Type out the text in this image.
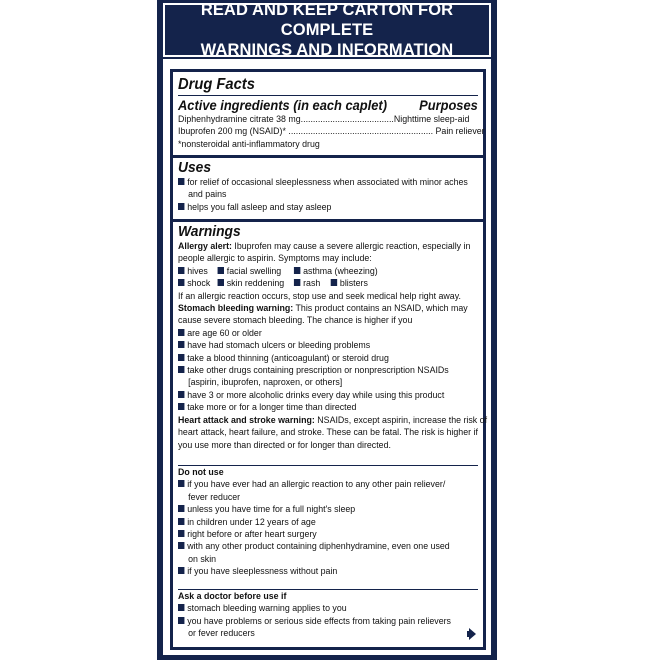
READ AND KEEP CARTON FOR COMPLETE
WARNINGS AND INFORMATION
Drug Facts
Active ingredients (in each caplet) Purposes
Diphenhydramine citrate 38 mg......................................Nighttime sleep-aid
Ibuprofen 200 mg (NSAID)* ........................................................... Pain reliever
*nonsteroidal anti-inflammatory drug
Uses
for relief of occasional sleeplessness when associated with minor aches
and pains
helps you fall asleep and stay asleep
Warnings
Allergy alert: Ibuprofen may cause a severe allergic reaction, especially in
people allergic to aspirin. Symptoms may include:
hives facial swelling asthma (wheezing)
shock skin reddening rash blisters
If an allergic reaction occurs, stop use and seek medical help right away.
Stomach bleeding warning: This product contains an NSAID, which may
cause severe stomach bleeding. The chance is higher if you
are age 60 or older
have had stomach ulcers or bleeding problems
take a blood thinning (anticoagulant) or steroid drug
take other drugs containing prescription or nonprescription NSAIDs
[aspirin, ibuprofen, naproxen, or others]
have 3 or more alcoholic drinks every day while using this product
take more or for a longer time than directed
Heart attack and stroke warning: NSAIDs, except aspirin, increase the risk of
heart attack, heart failure, and stroke. These can be fatal. The risk is higher if
you use more than directed or for longer than directed.
Do not use
if you have ever had an allergic reaction to any other pain reliever/
fever reducer
unless you have time for a full night's sleep
in children under 12 years of age
right before or after heart surgery
with any other product containing diphenhydramine, even one used
on skin
if you have sleeplessness without pain
Ask a doctor before use if
stomach bleeding warning applies to you
you have problems or serious side effects from taking pain relievers
or fever reducers
